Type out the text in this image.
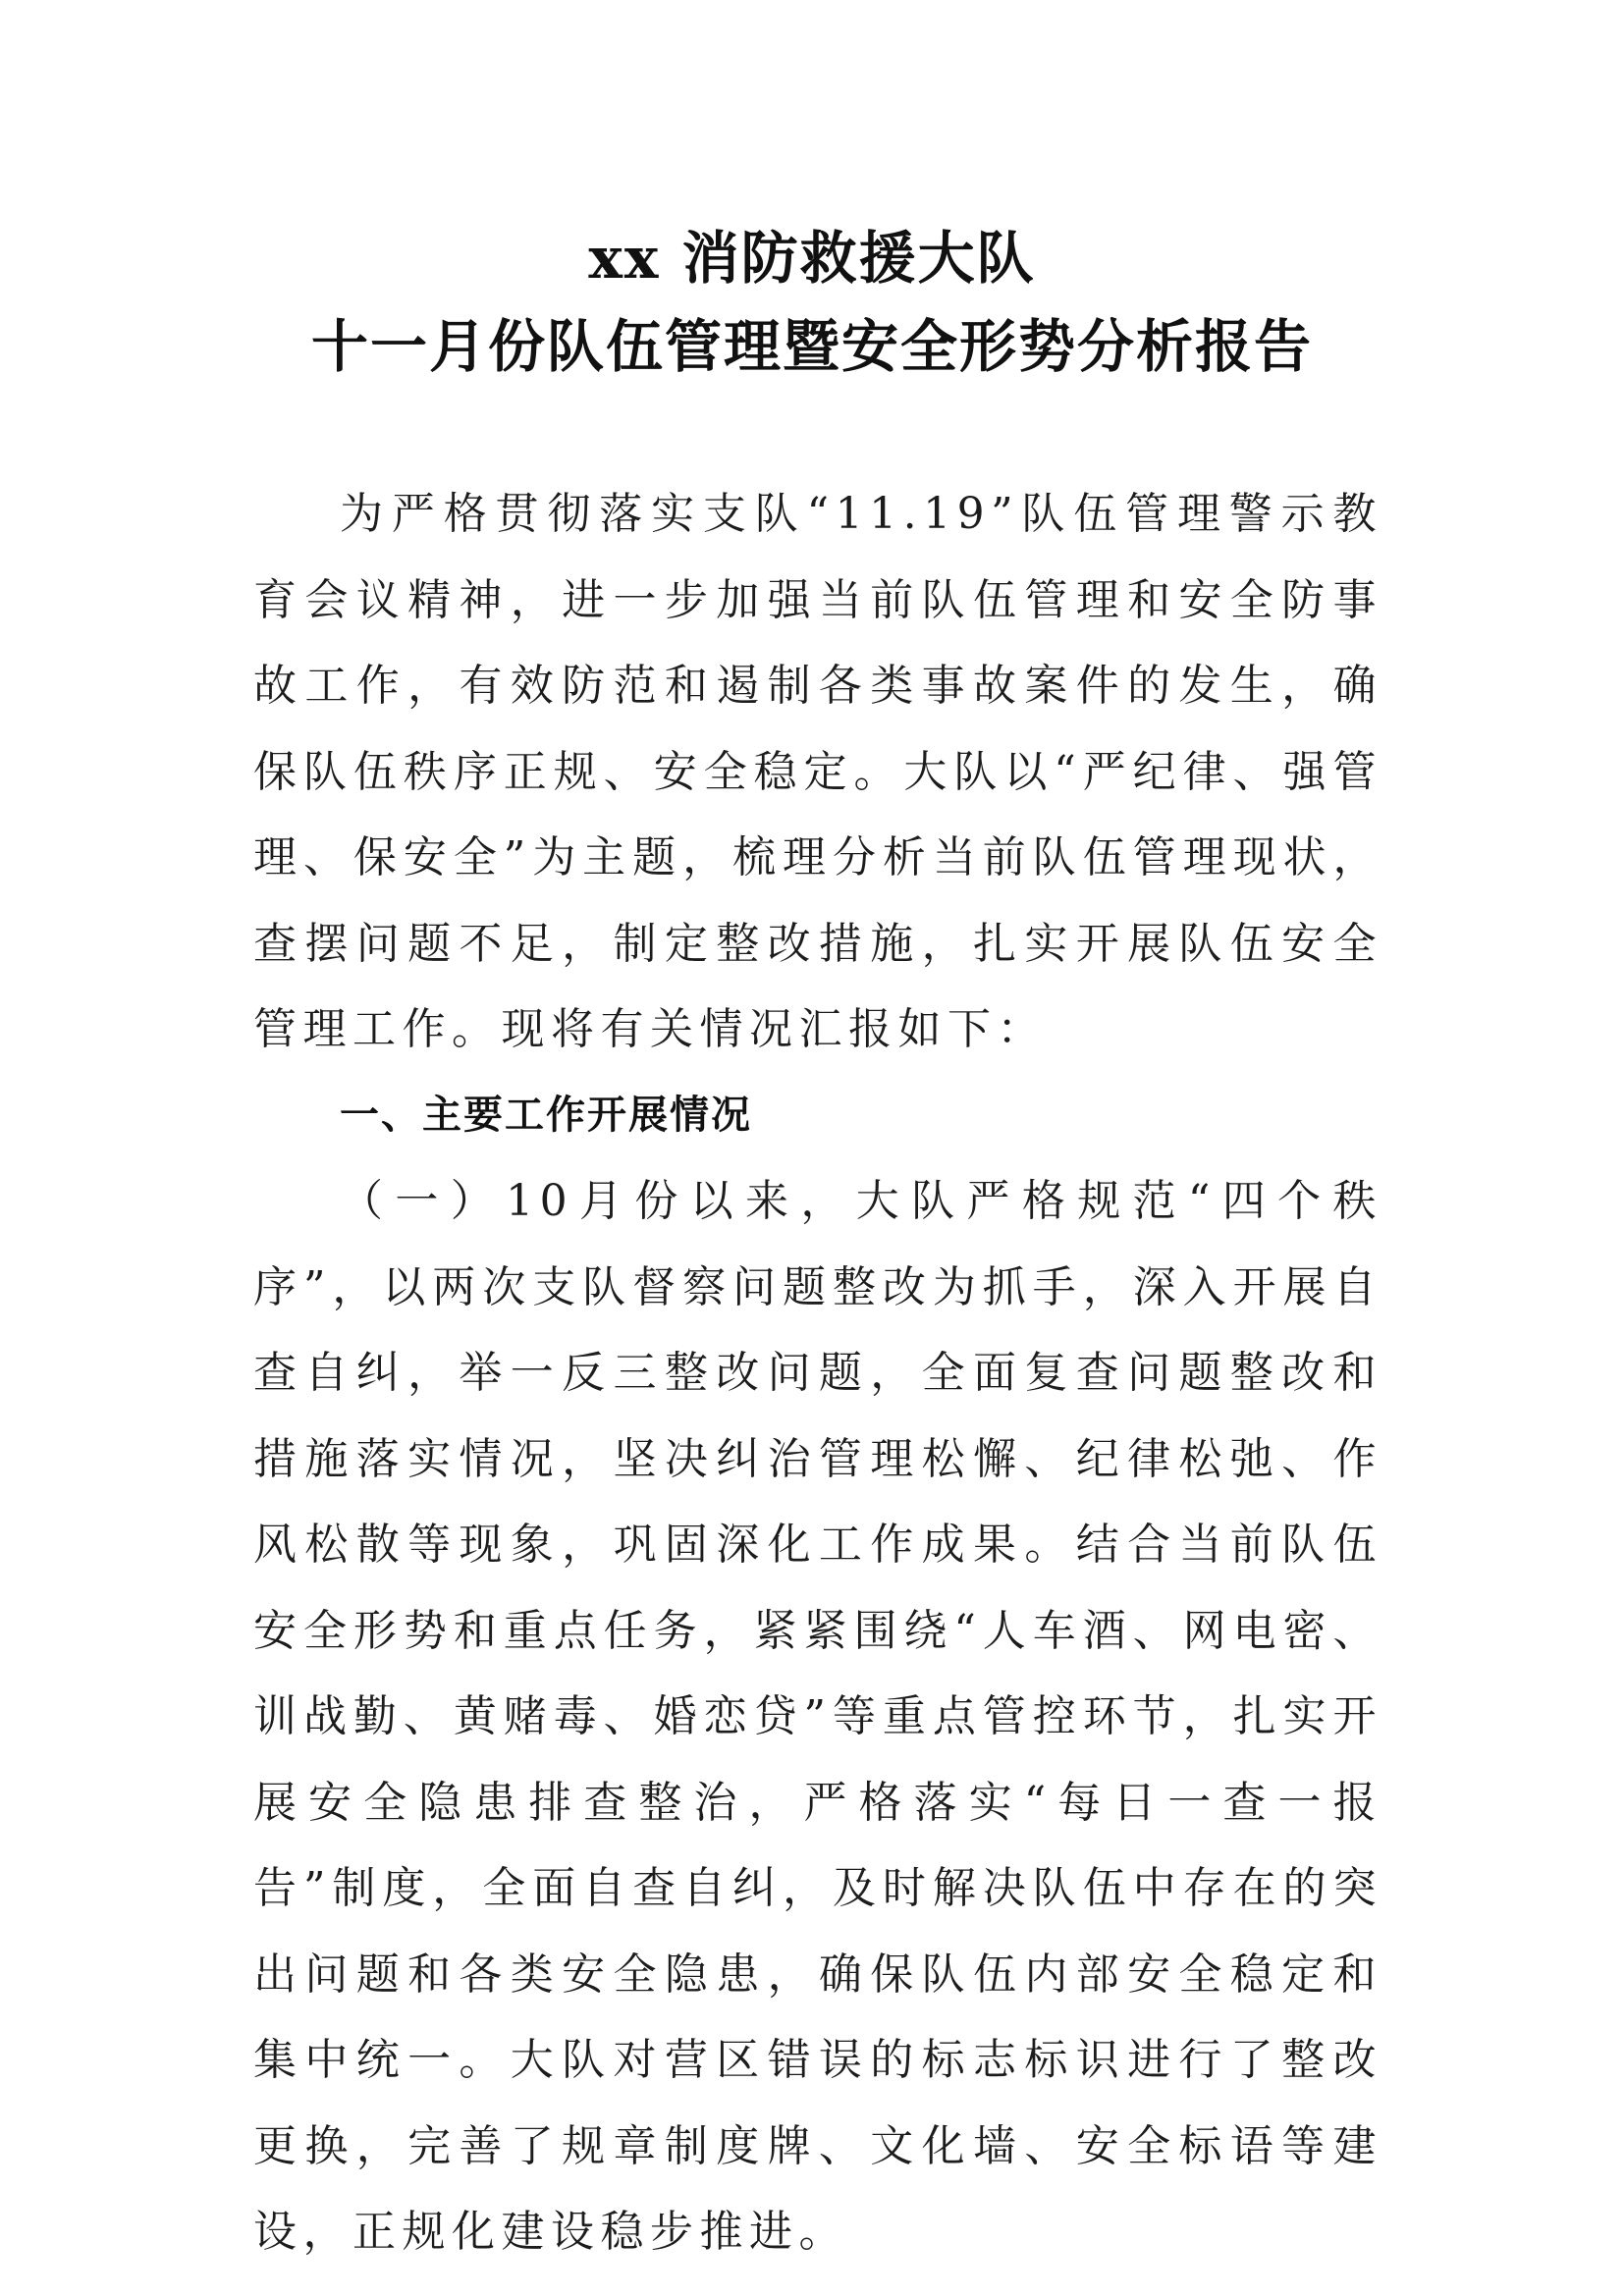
xx 消防救援大队
十一月份队伍管理暨安全形势分析报告

为严格贯彻落实支队“11.19”队伍管理警示教育会议精神，进一步加强当前队伍管理和安全防事故工作，有效防范和遏制各类事故案件的发生，确保队伍秩序正规、安全稳定。大队以“严纪律、强管理、保安全”为主题，梳理分析当前队伍管理现状，查摆问题不足，制定整改措施，扎实开展队伍安全管理工作。现将有关情况汇报如下：

一、主要工作开展情况

（一）10月份以来，大队严格规范“四个秩序”，以两次支队督察问题整改为抓手，深入开展自查自纠，举一反三整改问题，全面复查问题整改和措施落实情况，坚决纠治管理松懈、纪律松弛、作风松散等现象，巩固深化工作成果。结合当前队伍安全形势和重点任务，紧紧围绕“人车酒、网电密、训战勤、黄赌毒、婚恋贷”等重点管控环节，扎实开展安全隐患排查整治，严格落实“每日一查一报告”制度，全面自查自纠，及时解决队伍中存在的突出问题和各类安全隐患，确保队伍内部安全稳定和集中统一。大队对营区错误的标志标识进行了整改更换，完善了规章制度牌、文化墙、安全标语等建设，正规化建设稳步推进。
